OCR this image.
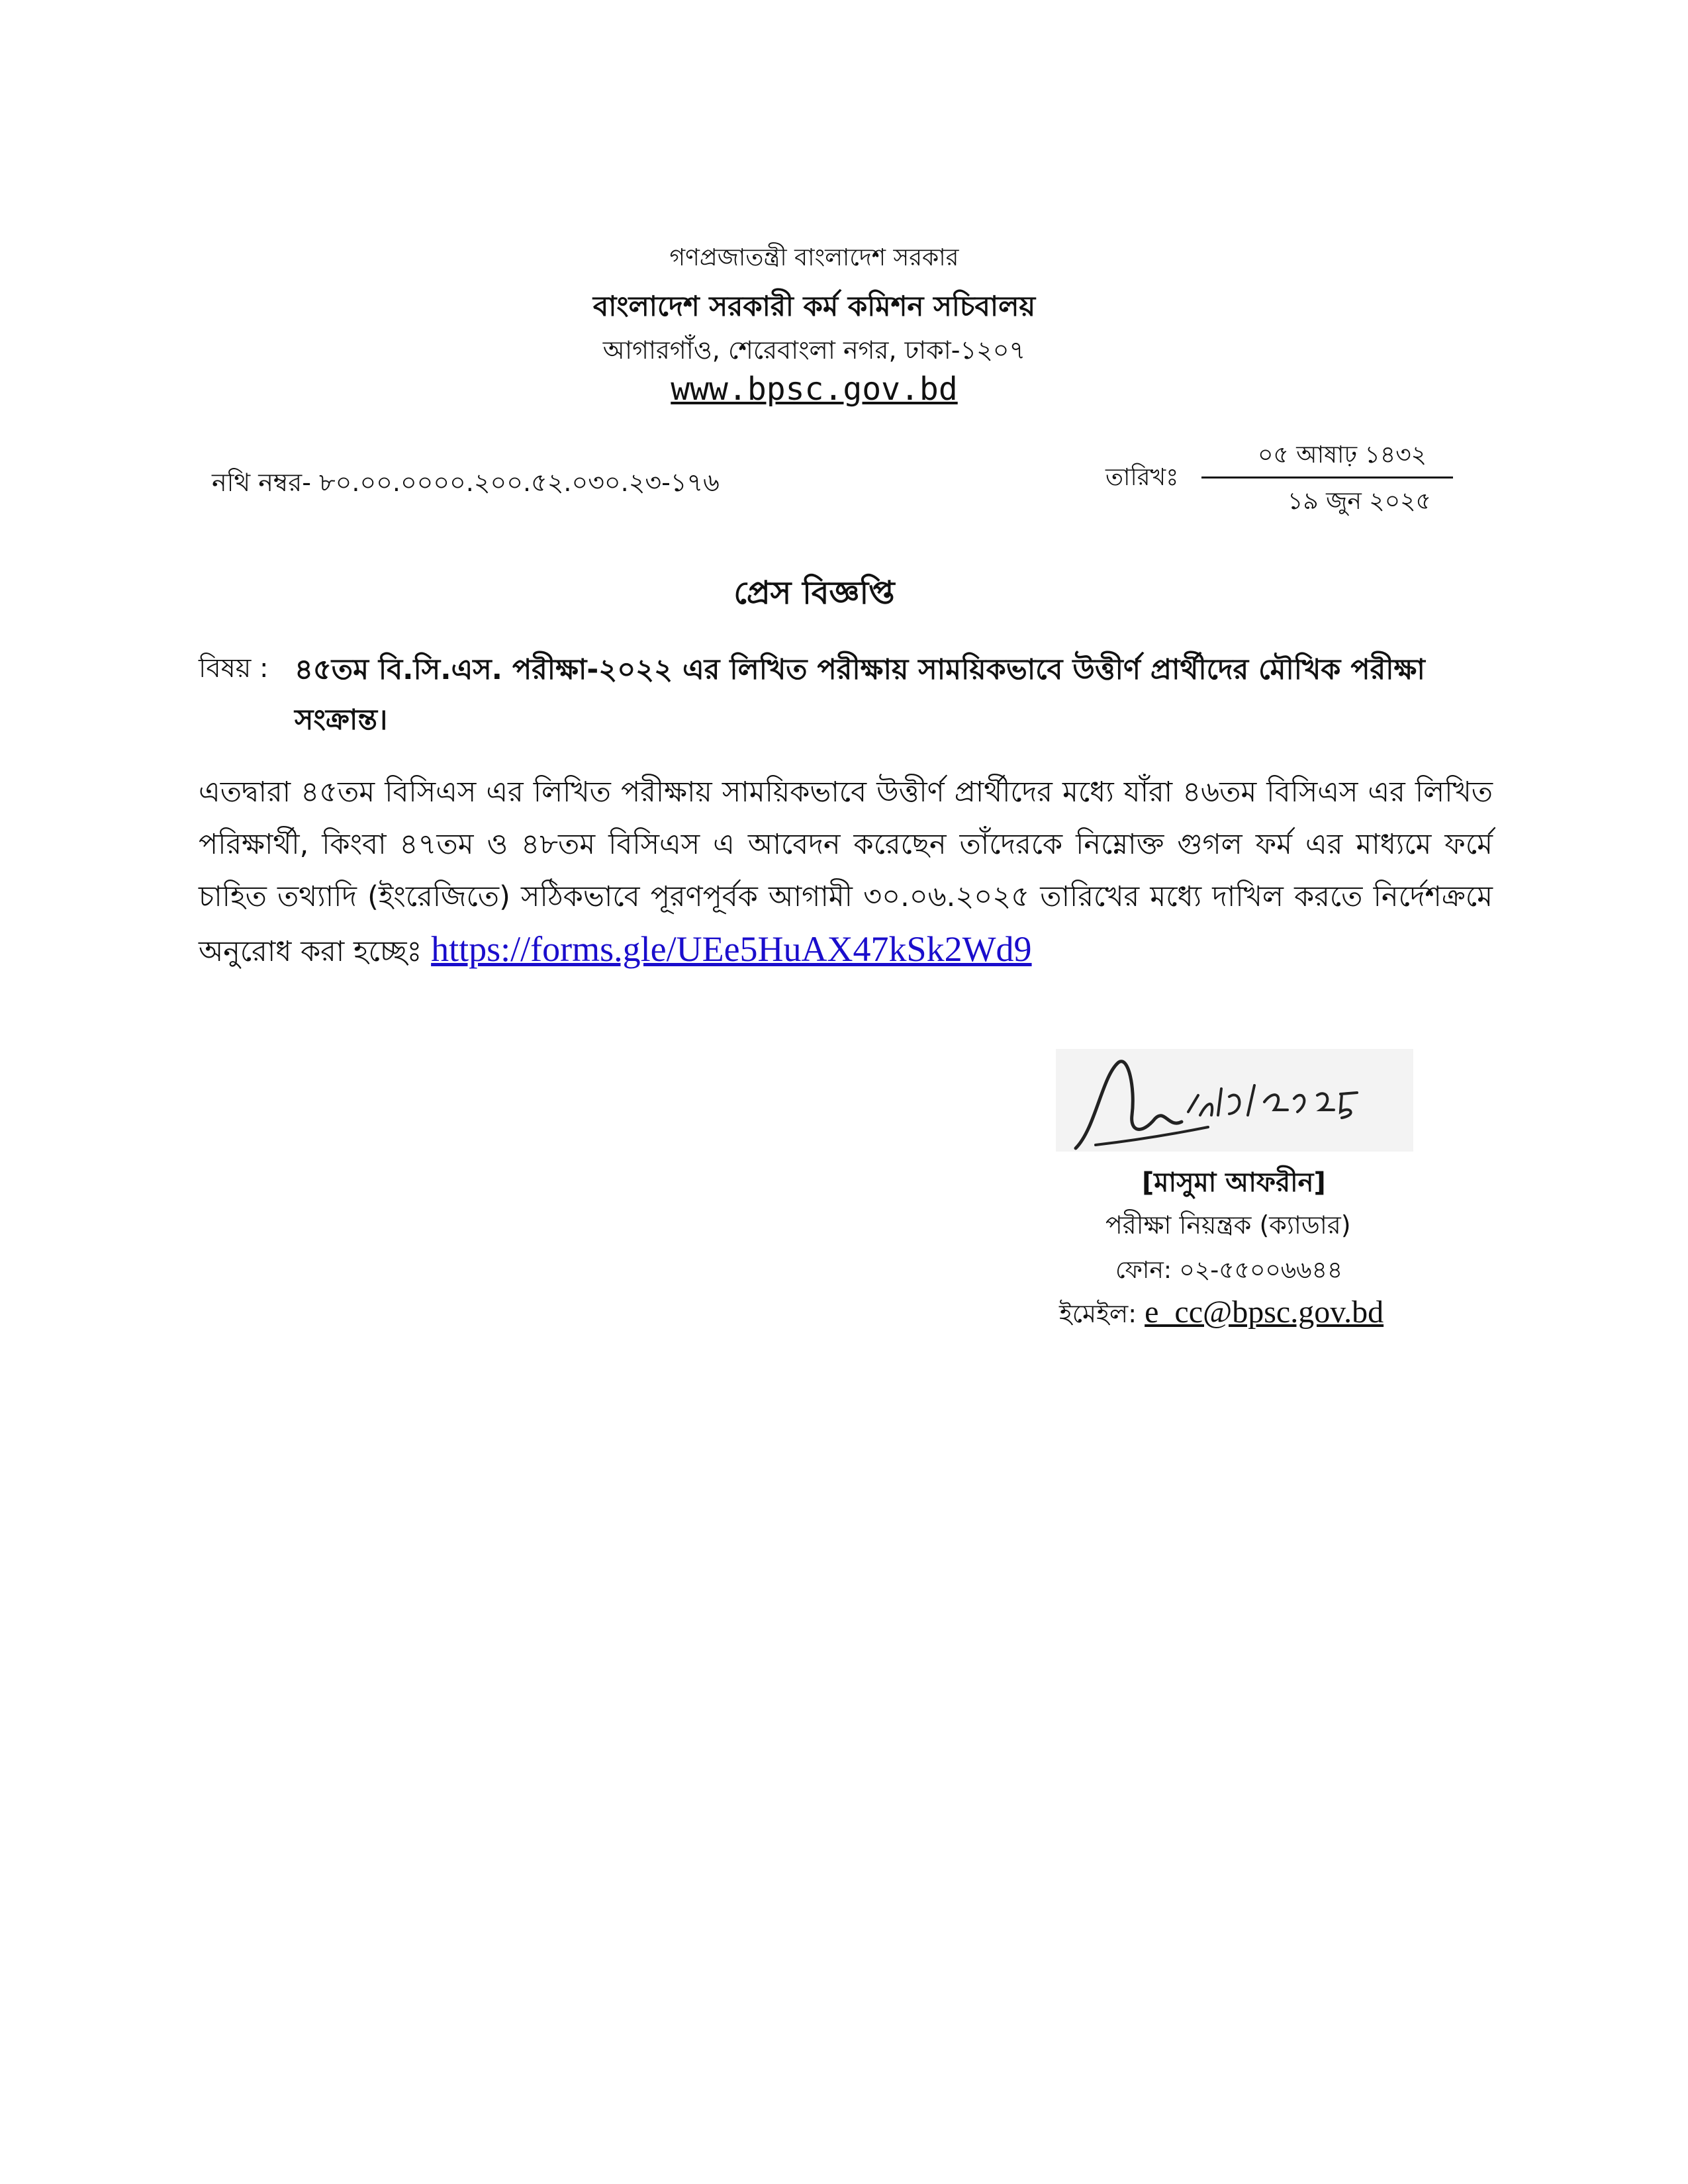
গণপ্রজাতন্ত্রী বাংলাদেশ সরকার
বাংলাদেশ সরকারী কর্ম কমিশন সচিবালয়
আগারগাঁও, শেরেবাংলা নগর, ঢাকা-১২০৭
www.bpsc.gov.bd
নথি নম্বর- ৮০.০০.০০০০.২০০.৫২.০৩০.২৩-১৭৬	তারিখঃ
০৫ আষাঢ় ১৪৩২
১৯ জুন ২০২৫
প্রেস বিজ্ঞপ্তি
বিষয় : ৪৫তম বি.সি.এস. পরীক্ষা-২০২২ এর লিখিত পরীক্ষায় সাময়িকভাবে উত্তীর্ণ প্রার্থীদের মৌখিক পরীক্ষা সংক্রান্ত।
এতদ্বারা ৪৫তম বিসিএস এর লিখিত পরীক্ষায় সাময়িকভাবে উত্তীর্ণ প্রার্থীদের মধ্যে যাঁরা ৪৬তম বিসিএস এর লিখিত পরিক্ষার্থী, কিংবা ৪৭তম ও ৪৮তম বিসিএস এ আবেদন করেছেন তাঁদেরকে নিম্নোক্ত গুগল ফর্ম এর মাধ্যমে ফর্মে চাহিত তথ্যাদি (ইংরেজিতে) সঠিকভাবে পূরণপূর্বক আগামী ৩০.০৬.২০২৫ তারিখের মধ্যে দাখিল করতে নির্দেশক্রমে অনুরোধ করা হচ্ছেঃ https://forms.gle/UEe5HuAX47kSk2Wd9
[মাসুমা আফরীন]
পরীক্ষা নিয়ন্ত্রক (ক্যাডার)
ফোন: ০২-৫৫০০৬৬৪৪
ইমেইল: e_cc@bpsc.gov.bd
